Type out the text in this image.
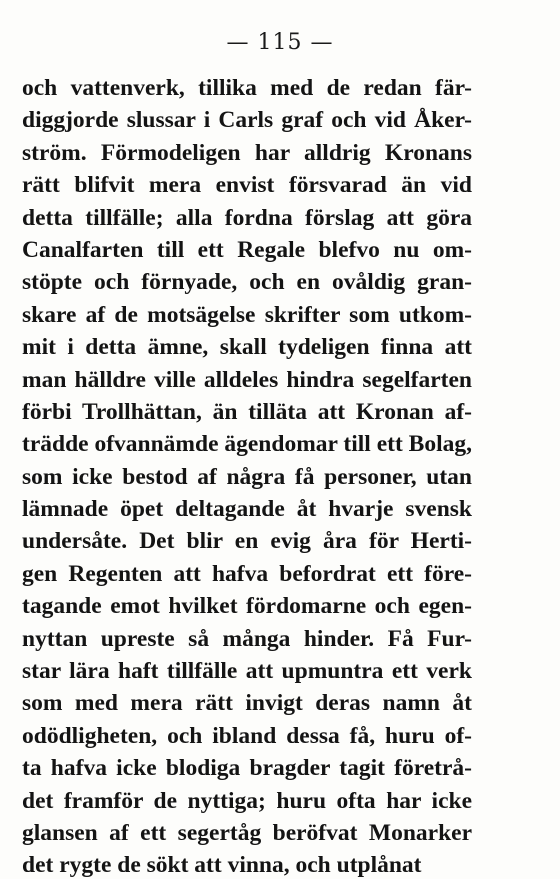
— 115 —
och vattenverk, tillika med de redan fär-
diggjorde slussar i Carls graf och vid Åker-
ström. Förmodeligen har alldrig Kronans
rätt blifvit mera envist försvarad än vid
detta tillfälle; alla fordna förslag att göra
Canalfarten till ett Regale blefvo nu om-
stöpte och förnyade, och en ovåldig gran-
skare af de motsägelse skrifter som utkom-
mit i detta ämne, skall tydeligen finna att
man hälldre ville alldeles hindra segelfarten
förbi Trollhättan, än tilläta att Kronan af-
trädde ofvannämde ägendomar till ett Bolag,
som icke bestod af några få personer, utan
lämnade öpet deltagande åt hvarje svensk
undersåte. Det blir en evig åra för Herti-
gen Regenten att hafva befordrat ett före-
tagande emot hvilket fördomarne och egen-
nyttan upreste så många hinder. Få Fur-
star lära haft tillfälle att upmuntra ett verk
som med mera rätt invigt deras namn åt
odödligheten, och ibland dessa få, huru of-
ta hafva icke blodiga bragder tagit företrå-
det framför de nyttiga; huru ofta har icke
glansen af ett segertåg beröfvat Monarker
det rygte de sökt att vinna, och utplånat
